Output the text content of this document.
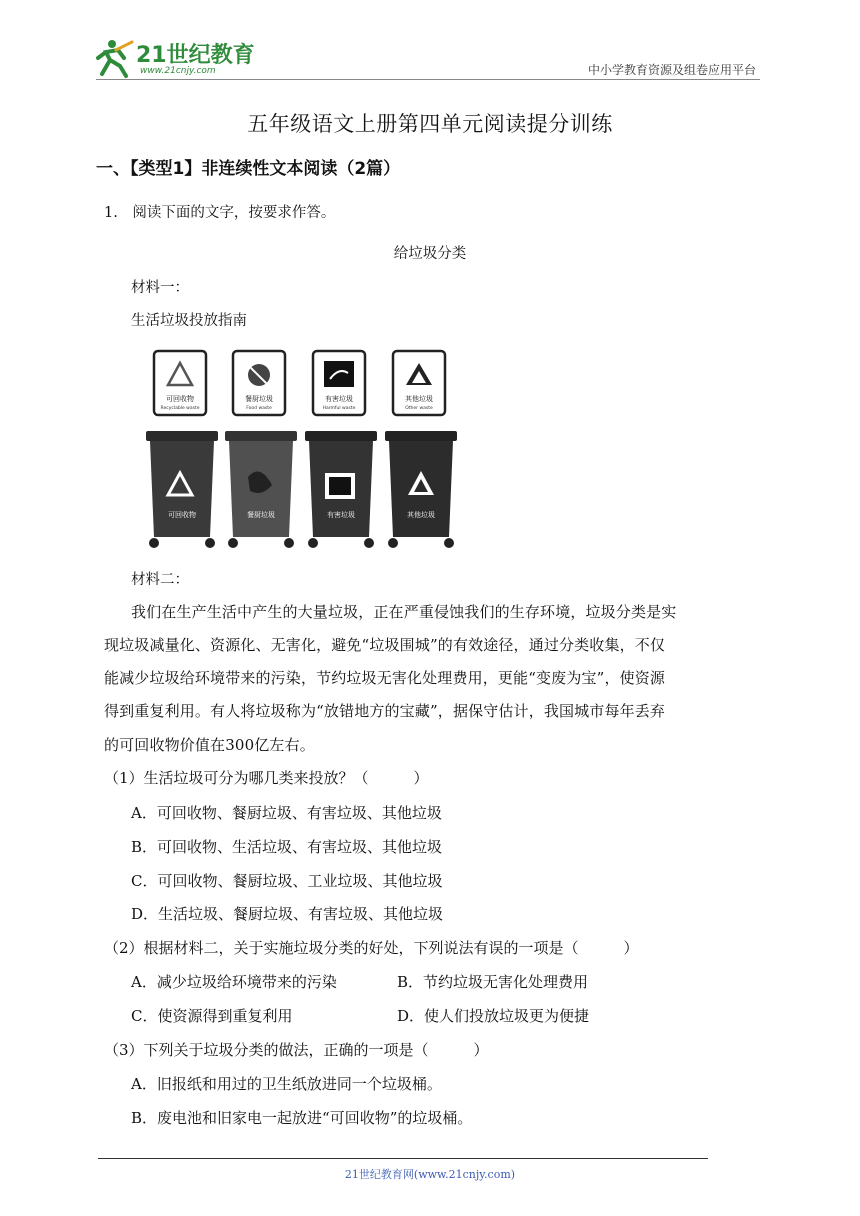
21世纪教育
www.21cnjy.com	中小学教育资源及组卷应用平台
五年级语文上册第四单元阅读提分训练
一、【类型1】非连续性文本阅读（2篇）
1.　阅读下面的文字，按要求作答。
给垃圾分类
材料一：
生活垃圾投放指南
可回收物
Recyclable waste
餐厨垃圾
Food waste
有害垃圾
Harmful waste
其他垃圾
Other waste
可回收物	餐厨垃圾	有害垃圾	其他垃圾
材料二：
我们在生产生活中产生的大量垃圾，正在严重侵蚀我们的生存环境，垃圾分类是实
现垃圾减量化、资源化、无害化，避免“垃圾围城”的有效途径，通过分类收集，不仅
能减少垃圾给环境带来的污染，节约垃圾无害化处理费用，更能“变废为宝”，使资源
得到重复利用。有人将垃圾称为“放错地方的宝藏”，据保守估计，我国城市每年丢弃
的可回收物价值在300亿左右。
（1）生活垃圾可分为哪几类来投放？（　　　）
A．可回收物、餐厨垃圾、有害垃圾、其他垃圾
B．可回收物、生活垃圾、有害垃圾、其他垃圾
C．可回收物、餐厨垃圾、工业垃圾、其他垃圾
D．生活垃圾、餐厨垃圾、有害垃圾、其他垃圾
（2）根据材料二，关于实施垃圾分类的好处，下列说法有误的一项是（　　　）
A．减少垃圾给环境带来的污染	B．节约垃圾无害化处理费用
C．使资源得到重复利用	D．使人们投放垃圾更为便捷
（3）下列关于垃圾分类的做法，正确的一项是（　　　）
A．旧报纸和用过的卫生纸放进同一个垃圾桶。
B．废电池和旧家电一起放进“可回收物”的垃圾桶。
21世纪教育网(www.21cnjy.com)
